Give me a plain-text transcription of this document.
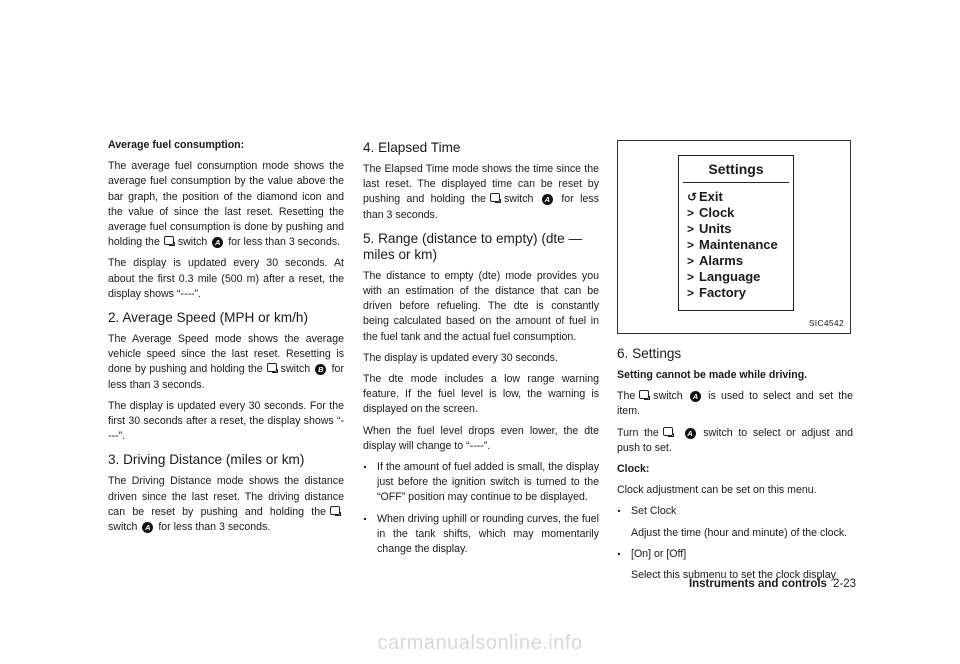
Average fuel consumption:

The average fuel consumption mode shows the average fuel consumption by the value above the bar graph, the position of the diamond icon and the value of since the last reset. Resetting the average fuel consumption is done by pushing and holding the switch A for less than 3 seconds.

The display is updated every 30 seconds. At about the first 0.3 mile (500 m) after a reset, the display shows “----”.

2. Average Speed (MPH or km/h)

The Average Speed mode shows the average vehicle speed since the last reset. Resetting is done by pushing and holding the switch B for less than 3 seconds.

The display is updated every 30 seconds. For the first 30 seconds after a reset, the display shows “----”.

3. Driving Distance (miles or km)

The Driving Distance mode shows the distance driven since the last reset. The driving distance can be reset by pushing and holding the switch A for less than 3 seconds.

4. Elapsed Time

The Elapsed Time mode shows the time since the last reset. The displayed time can be reset by pushing and holding the switch A for less than 3 seconds.

5. Range (distance to empty) (dte — miles or km)

The distance to empty (dte) mode provides you with an estimation of the distance that can be driven before refueling. The dte is constantly being calculated based on the amount of fuel in the fuel tank and the actual fuel consumption.

The display is updated every 30 seconds.

The dte mode includes a low range warning feature. If the fuel level is low, the warning is displayed on the screen.

When the fuel level drops even lower, the dte display will change to “----”.

. If the amount of fuel added is small, the display just before the ignition switch is turned to the “OFF” position may continue to be displayed.
. When driving uphill or rounding curves, the fuel in the tank shifts, which may momentarily change the display.
Settings
↺ Exit
> Clock
> Units
> Maintenance
> Alarms
> Language
> Factory
SIC4542
6. Settings

Setting cannot be made while driving.

The switch A is used to select and set the item.

Turn the	A switch to select or adjust and push to set.

Clock:

Clock adjustment can be set on this menu.

. Set Clock

Adjust the time (hour and minute) of the clock.

. [On] or [Off]

Select this submenu to set the clock display

Instruments and controls 2-23
carmanualsonline.info
